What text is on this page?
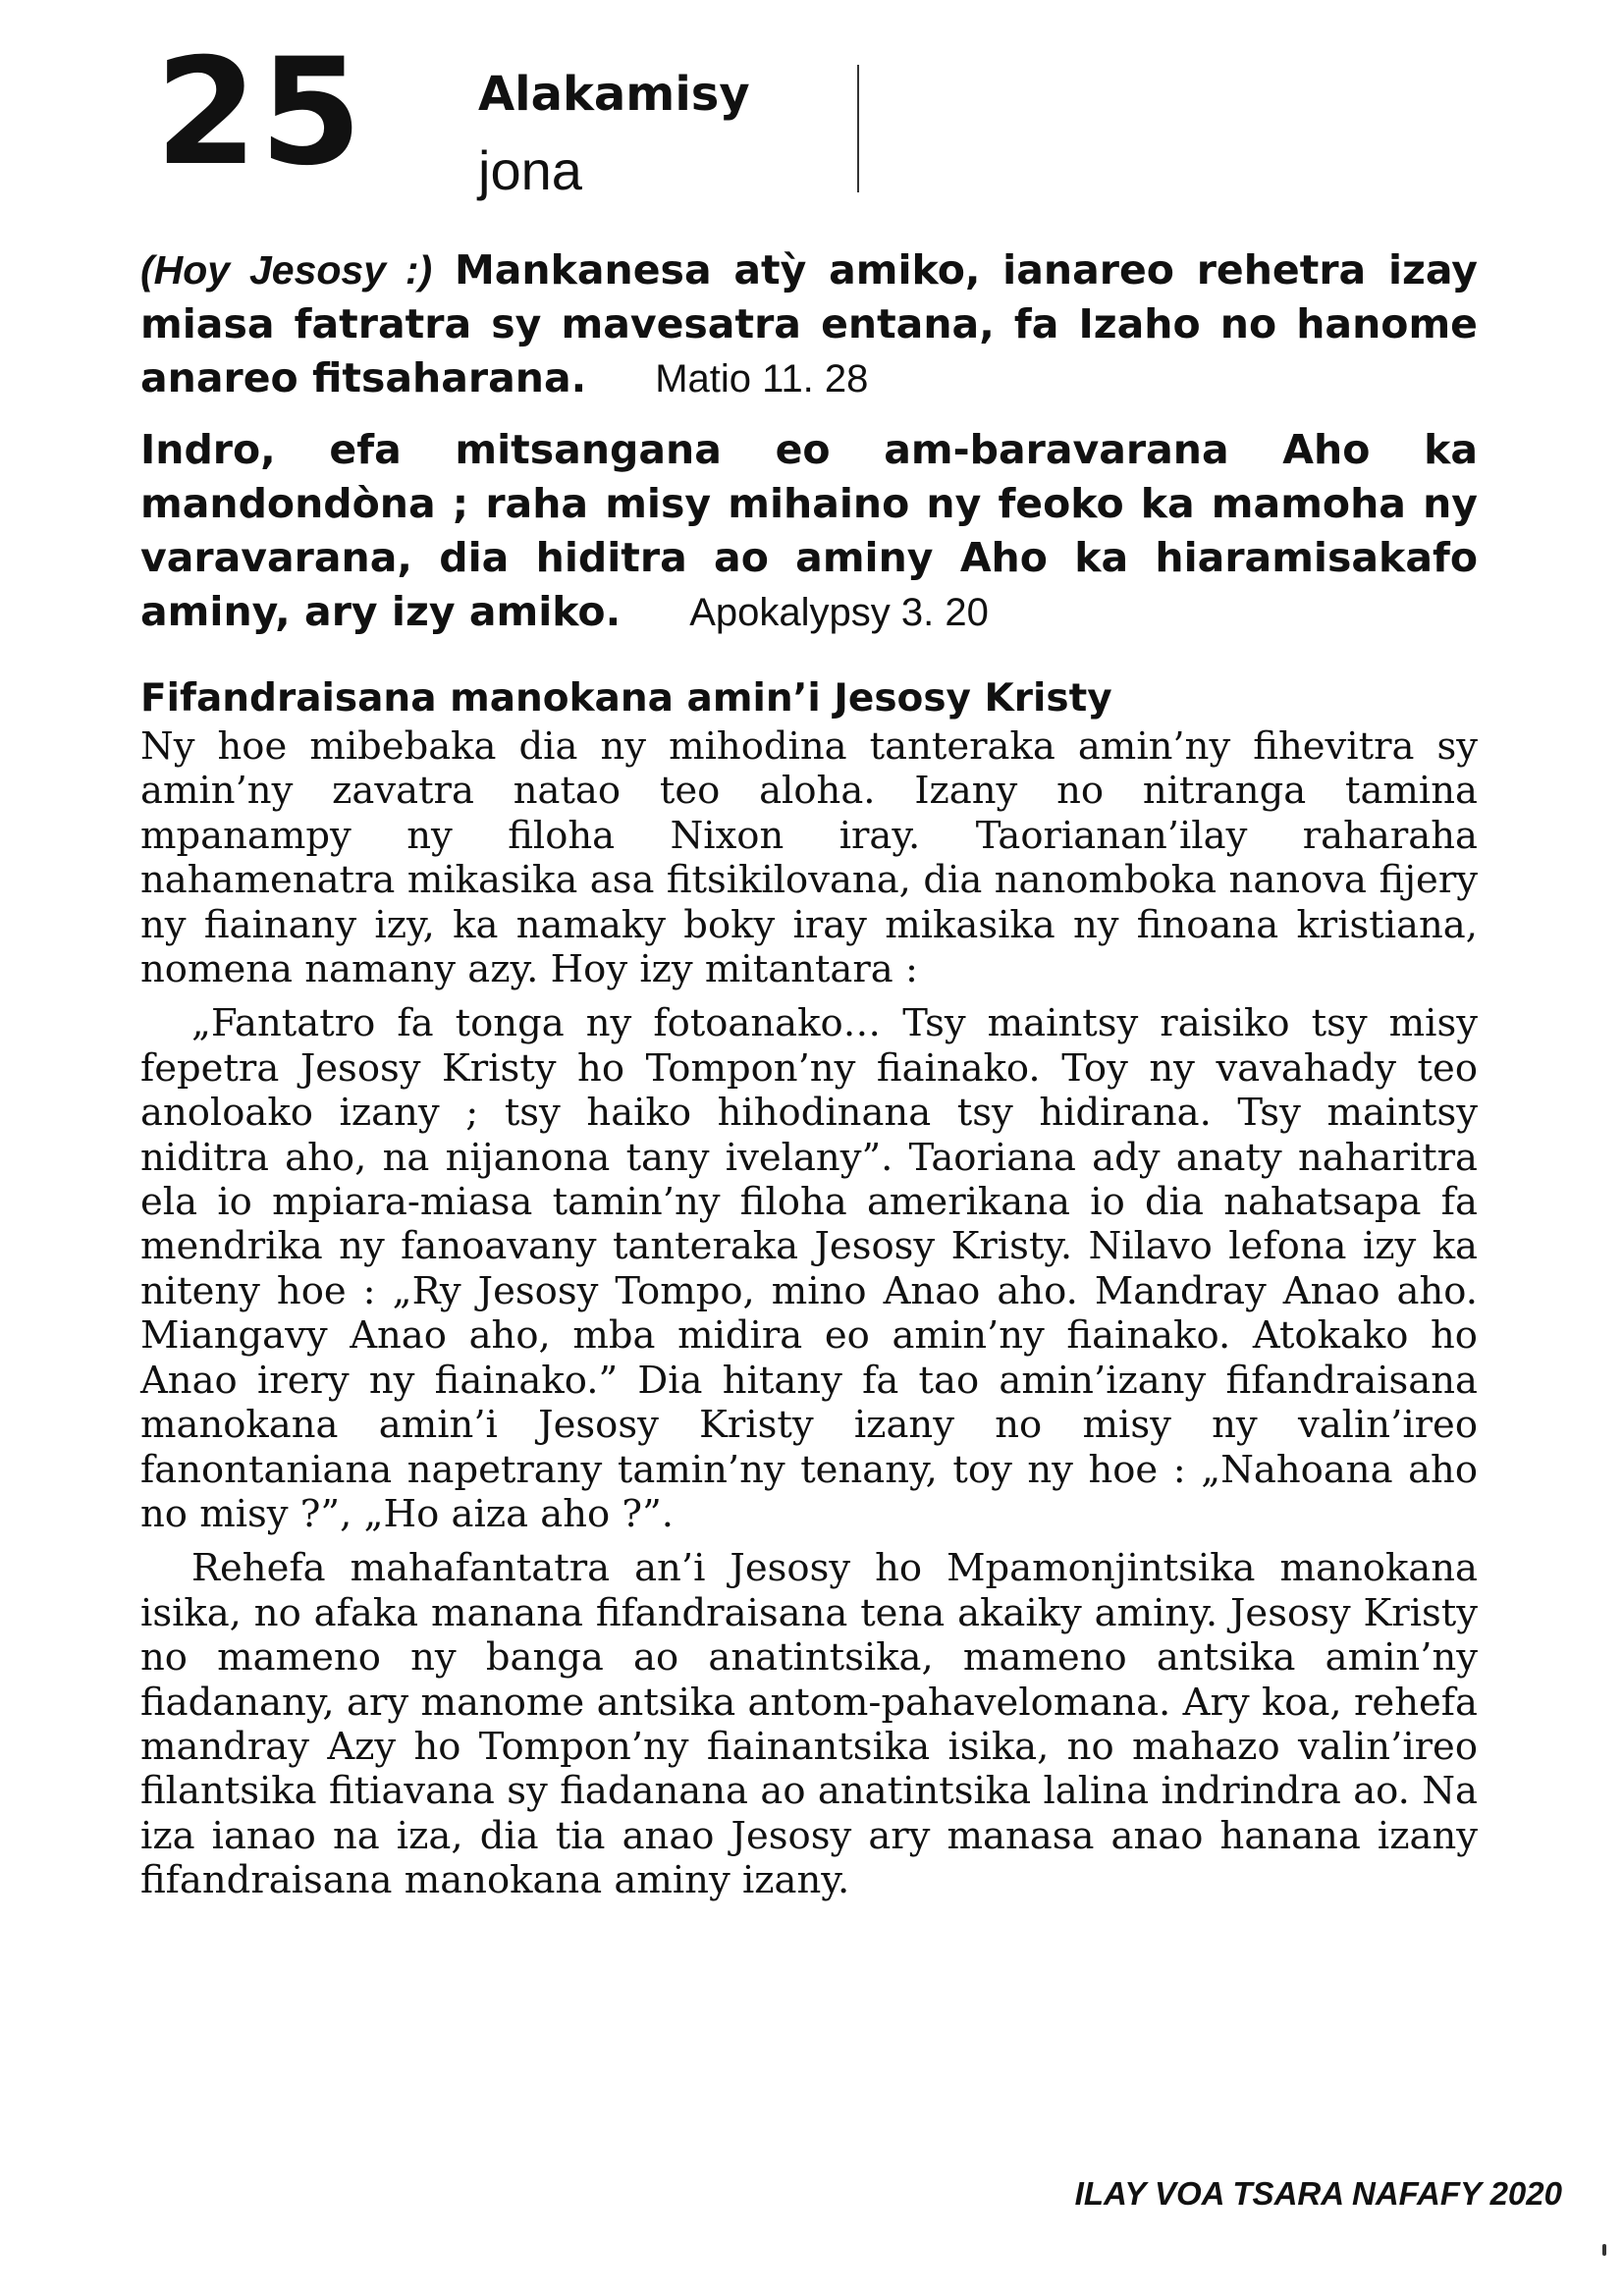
25 Alakamisy
jona
(Hoy Jesosy :) Mankanesa atỳ amiko, ianareo rehetra izay miasa fatratra sy mavesatra entana, fa Izaho no hanome anareo fitsaharana. Matio 11. 28
Indro, efa mitsangana eo am-baravarana Aho ka mandondòna ; raha misy mihaino ny feoko ka mamoha ny varavarana, dia hiditra ao aminy Aho ka hiaramisakafo aminy, ary izy amiko. Apokalypsy 3. 20
Fifandraisana manokana amin’i Jesosy Kristy

Ny hoe mibebaka dia ny mihodina tanteraka amin’ny fihevitra sy amin’ny zavatra natao teo aloha. Izany no nitranga tamina mpanampy ny filoha Nixon iray. Taorianan’ilay raharaha nahamenatra mikasika asa fitsikilovana, dia nanomboka nanova fijery ny fiainany izy, ka namaky boky iray mikasika ny finoana kristiana, nomena namany azy. Hoy izy mitantara :

„Fantatro fa tonga ny fotoanako… Tsy maintsy raisiko tsy misy fepetra Jesosy Kristy ho Tompon’ny fiainako. Toy ny vavahady teo anoloako izany ; tsy haiko hihodinana tsy hidirana. Tsy maintsy niditra aho, na nijanona tany ivelany”. Taoriana ady anaty naharitra ela io mpiara-miasa tamin’ny filoha amerikana io dia nahatsapa fa mendrika ny fanoavany tanteraka Jesosy Kristy. Nilavo lefona izy ka niteny hoe : „Ry Jesosy Tompo, mino Anao aho. Mandray Anao aho. Miangavy Anao aho, mba midira eo amin’ny fiainako. Atokako ho Anao irery ny fiainako.” Dia hitany fa tao amin’izany fifandraisana manokana amin’i Jesosy Kristy izany no misy ny valin’ireo fanontaniana napetrany tamin’ny tenany, toy ny hoe : „Nahoana aho no misy ?”, „Ho aiza aho ?”.

Rehefa mahafantatra an’i Jesosy ho Mpamonjintsika manokana isika, no afaka manana fifandraisana tena akaiky aminy. Jesosy Kristy no mameno ny banga ao anatintsika, mameno antsika amin’ny fiadanany, ary manome antsika antom-pahavelomana. Ary koa, rehefa mandray Azy ho Tompon’ny fiainantsika isika, no mahazo valin’ireo filantsika fitiavana sy fiadanana ao anatintsika lalina indrindra ao. Na iza ianao na iza, dia tia anao Jesosy ary manasa anao hanana izany fifandraisana manokana aminy izany.

ILAY VOA TSARA NAFAFY 2020
